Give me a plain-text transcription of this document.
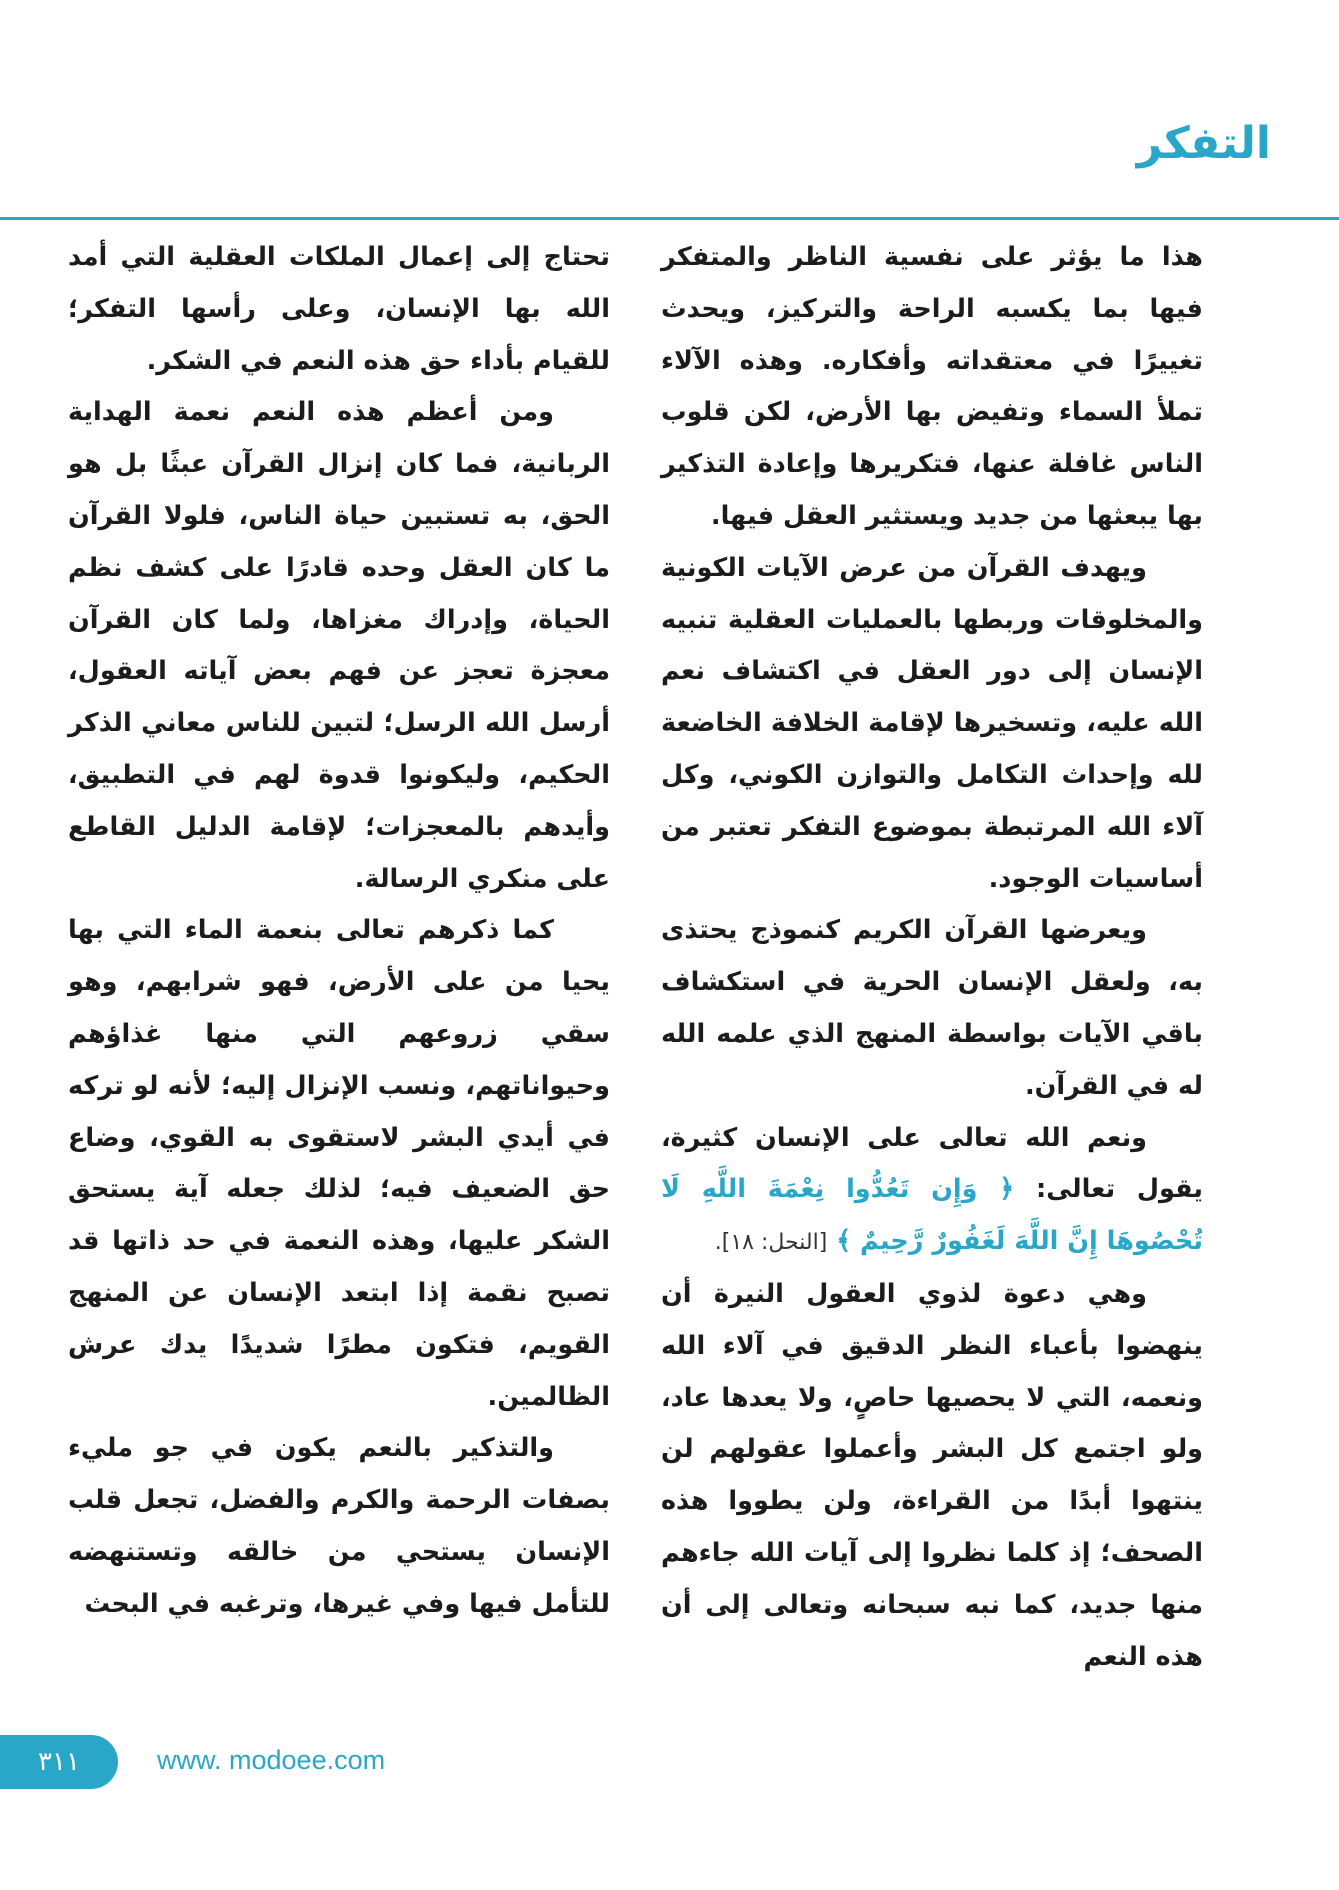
التفكر

هذا ما يؤثر على نفسية الناظر والمتفكر فيها بما يكسبه الراحة والتركيز، ويحدث تغييرًا في معتقداته وأفكاره. وهذه الآلاء تملأ السماء وتفيض بها الأرض، لكن قلوب الناس غافلة عنها، فتكريرها وإعادة التذكير بها يبعثها من جديد ويستثير العقل فيها.

ويهدف القرآن من عرض الآيات الكونية والمخلوقات وربطها بالعمليات العقلية تنبيه الإنسان إلى دور العقل في اكتشاف نعم الله عليه، وتسخيرها لإقامة الخلافة الخاضعة لله وإحداث التكامل والتوازن الكوني، وكل آلاء الله المرتبطة بموضوع التفكر تعتبر من أساسيات الوجود.

ويعرضها القرآن الكريم كنموذج يحتذى به، ولعقل الإنسان الحرية في استكشاف باقي الآيات بواسطة المنهج الذي علمه الله له في القرآن.

ونعم الله تعالى على الإنسان كثيرة، يقول تعالى: ﴿ وَإِن تَعُدُّوا نِعْمَةَ اللَّهِ لَا تُحْصُوهَا إِنَّ اللَّهَ لَغَفُورٌ رَّحِيمٌ ﴾ [النحل: ١٨].

وهي دعوة لذوي العقول النيرة أن ينهضوا بأعباء النظر الدقيق في آلاء الله ونعمه، التي لا يحصيها حاصٍ، ولا يعدها عاد، ولو اجتمع كل البشر وأعملوا عقولهم لن ينتهوا أبدًا من القراءة، ولن يطووا هذه الصحف؛ إذ كلما نظروا إلى آيات الله جاءهم منها جديد، كما نبه سبحانه وتعالى إلى أن هذه النعم

تحتاج إلى إعمال الملكات العقلية التي أمد الله بها الإنسان، وعلى رأسها التفكر؛ للقيام بأداء حق هذه النعم في الشكر.

ومن أعظم هذه النعم نعمة الهداية الربانية، فما كان إنزال القرآن عبثًا بل هو الحق، به تستبين حياة الناس، فلولا القرآن ما كان العقل وحده قادرًا على كشف نظم الحياة، وإدراك مغزاها، ولما كان القرآن معجزة تعجز عن فهم بعض آياته العقول، أرسل الله الرسل؛ لتبين للناس معاني الذكر الحكيم، وليكونوا قدوة لهم في التطبيق، وأيدهم بالمعجزات؛ لإقامة الدليل القاطع على منكري الرسالة.

كما ذكرهم تعالى بنعمة الماء التي بها يحيا من على الأرض، فهو شرابهم، وهو سقي زروعهم التي منها غذاؤهم وحيواناتهم، ونسب الإنزال إليه؛ لأنه لو تركه في أيدي البشر لاستقوى به القوي، وضاع حق الضعيف فيه؛ لذلك جعله آية يستحق الشكر عليها، وهذه النعمة في حد ذاتها قد تصبح نقمة إذا ابتعد الإنسان عن المنهج القويم، فتكون مطرًا شديدًا يدك عرش الظالمين.

والتذكير بالنعم يكون في جو مليء بصفات الرحمة والكرم والفضل، تجعل قلب الإنسان يستحي من خالقه وتستنهضه للتأمل فيها وفي غيرها، وترغبه في البحث

٣١١	www. modoee.com
